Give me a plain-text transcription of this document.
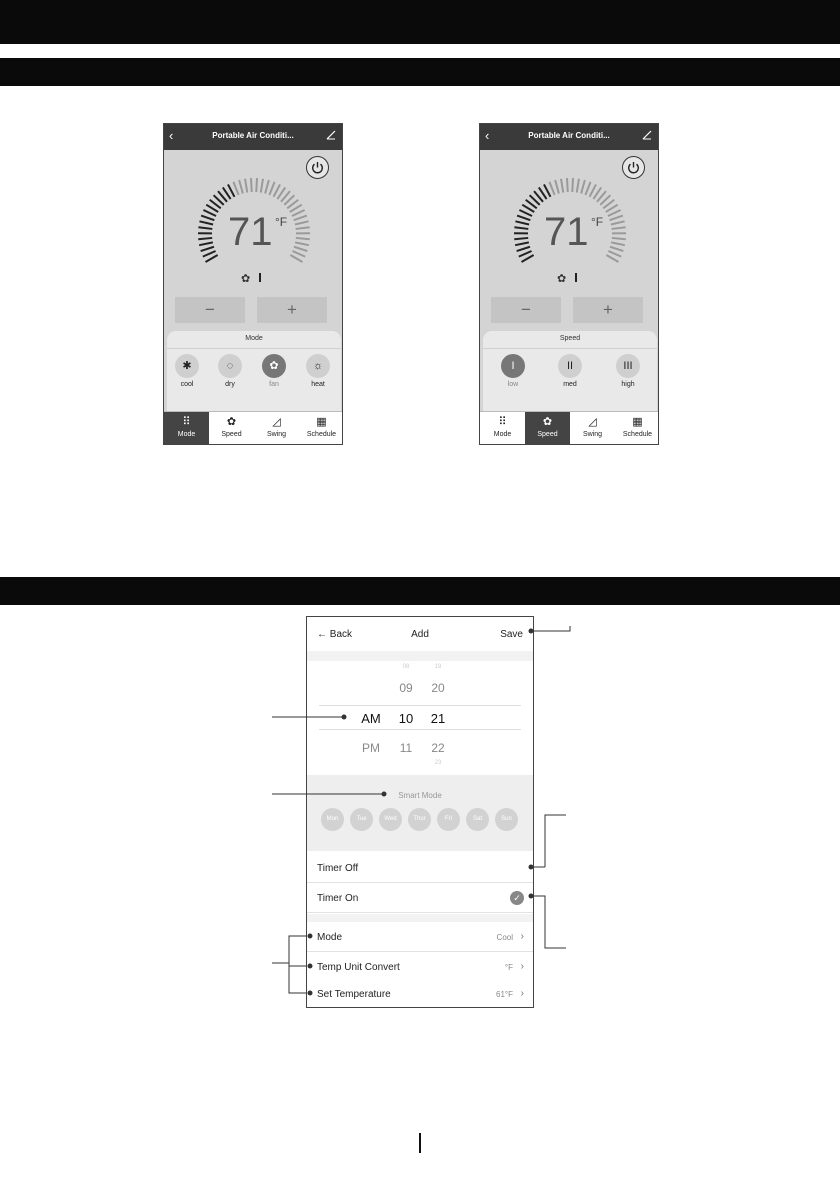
‹	Portable Air Conditi...
71 °F
✿
−	+
Mode
✱
cool
◌
dry
✿
fan
☼
heat
⠿
Mode
✿
Speed
◿
Swing
▦
Schedule
‹	Portable Air Conditi...
71 °F
✿
−	+
Speed
I
low
II
med
III
high
⠿
Mode
✿
Speed
◿
Swing
▦
Schedule
← Back	Add	Save
08	19
09	20
AM	10	21
PM	11	22
23
Smart Mode
Mon	Tue	Wed	Thur	Fri	Sat	Sun
Timer Off
Timer On	✓
Mode	Cool ›
Temp Unit Convert	°F ›
Set Temperature	61°F ›
